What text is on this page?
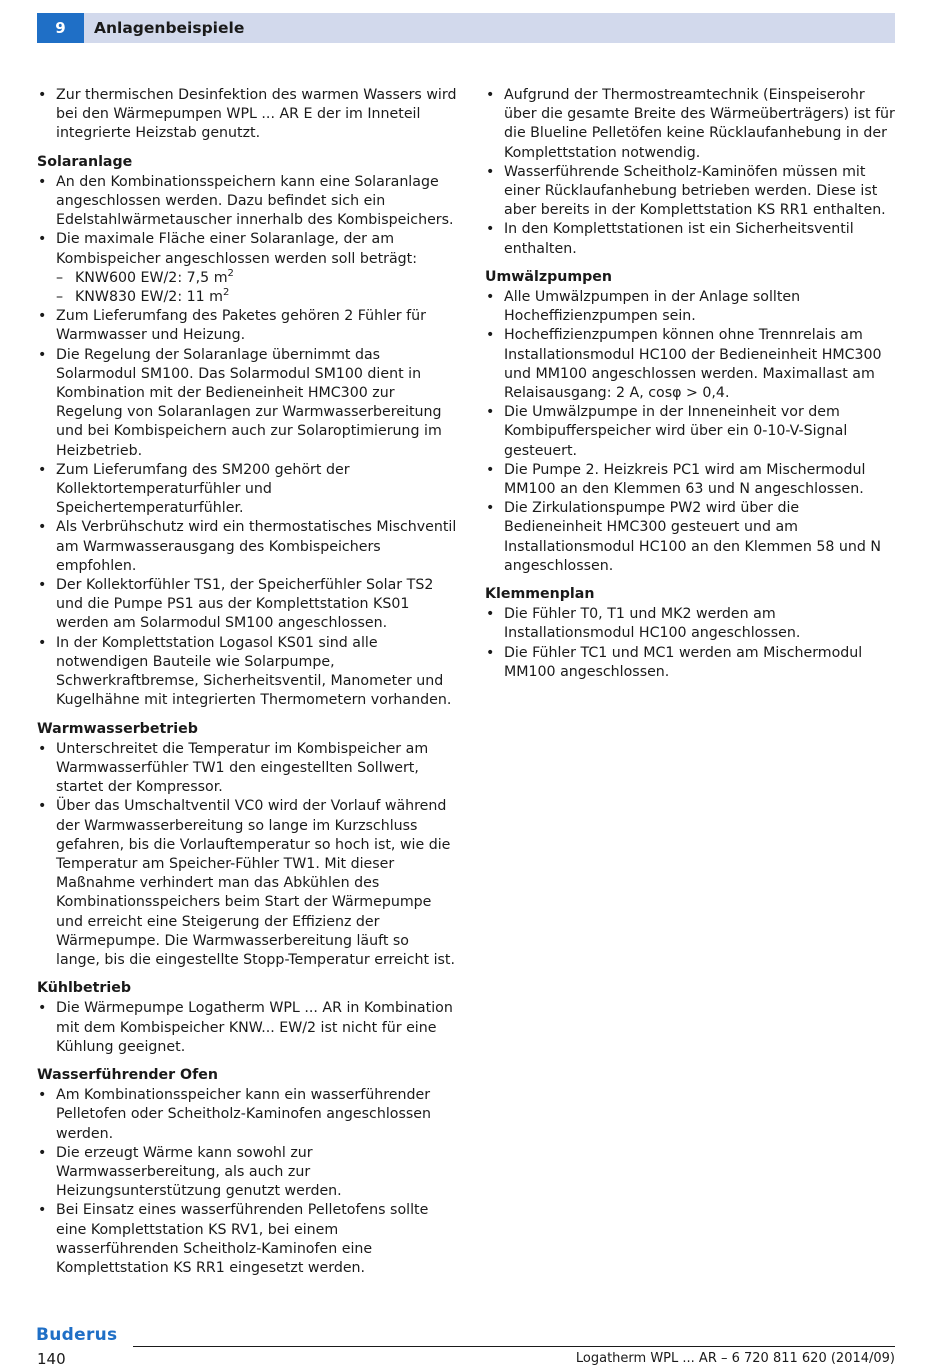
9	Anlagenbeispiele
• Zur thermischen Desinfektion des warmen Wassers wird bei den Wärmepumpen WPL ... AR E der im Inneteil integrierte Heizstab genutzt.
Solaranlage
• An den Kombinationsspeichern kann eine Solaranlage angeschlossen werden. Dazu befindet sich ein Edelstahlwärmetauscher innerhalb des Kombispeichers.
• Die maximale Fläche einer Solaranlage, der am Kombispeicher angeschlossen werden soll beträgt:
– KNW600 EW/2: 7,5 $m^2$
– KNW830 EW/2: 11 $m^2$
• Zum Lieferumfang des Paketes gehören 2 Fühler für Warmwasser und Heizung.
• Die Regelung der Solaranlage übernimmt das Solarmodul SM100. Das Solarmodul SM100 dient in Kombination mit der Bedieneinheit HMC300 zur Regelung von Solaranlagen zur Warmwasserbereitung und bei Kombispeichern auch zur Solaroptimierung im Heizbetrieb.
• Zum Lieferumfang des SM200 gehört der Kollektortemperaturfühler und Speichertemperaturfühler.
• Als Verbrühschutz wird ein thermostatisches Mischventil am Warmwasserausgang des Kombispeichers empfohlen.
• Der Kollektorfühler TS1, der Speicherfühler Solar TS2 und die Pumpe PS1 aus der Komplettstation KS01 werden am Solarmodul SM100 angeschlossen.
• In der Komplettstation Logasol KS01 sind alle notwendigen Bauteile wie Solarpumpe, Schwerkraftbremse, Sicherheitsventil, Manometer und Kugelhähne mit integrierten Thermometern vorhanden.
Warmwasserbetrieb
• Unterschreitet die Temperatur im Kombispeicher am Warmwasserfühler TW1 den eingestellten Sollwert, startet der Kompressor.
• Über das Umschaltventil VC0 wird der Vorlauf während der Warmwasserbereitung so lange im Kurzschluss gefahren, bis die Vorlauftemperatur so hoch ist, wie die Temperatur am Speicher-Fühler TW1. Mit dieser Maßnahme verhindert man das Abkühlen des Kombinationsspeichers beim Start der Wärmepumpe und erreicht eine Steigerung der Effizienz der Wärmepumpe. Die Warmwasserbereitung läuft so lange, bis die eingestellte Stopp-Temperatur erreicht ist.
Kühlbetrieb
• Die Wärmepumpe Logatherm WPL ... AR in Kombination mit dem Kombispeicher KNW... EW/2 ist nicht für eine Kühlung geeignet.
Wasserführender Ofen
• Am Kombinationsspeicher kann ein wasserführender Pelletofen oder Scheitholz-Kaminofen angeschlossen werden.
• Die erzeugt Wärme kann sowohl zur Warmwasserbereitung, als auch zur Heizungsunterstützung genutzt werden.
• Bei Einsatz eines wasserführenden Pelletofens sollte eine Komplettstation KS RV1, bei einem wasserführenden Scheitholz-Kaminofen eine Komplettstation KS RR1 eingesetzt werden.
• Aufgrund der Thermostreamtechnik (Einspeiserohr über die gesamte Breite des Wärmeüberträgers) ist für die Blueline Pelletöfen keine Rücklaufanhebung in der Komplettstation notwendig.
• Wasserführende Scheitholz-Kaminöfen müssen mit einer Rücklaufanhebung betrieben werden. Diese ist aber bereits in der Komplettstation KS RR1 enthalten.
• In den Komplettstationen ist ein Sicherheitsventil enthalten.
Umwälzpumpen
• Alle Umwälzpumpen in der Anlage sollten Hocheffizienzpumpen sein.
• Hocheffizienzpumpen können ohne Trennrelais am Installationsmodul HC100 der Bedieneinheit HMC300 und MM100 angeschlossen werden. Maximallast am Relaisausgang: 2 A, cosφ > 0,4.
• Die Umwälzpumpe in der Inneneinheit vor dem Kombipufferspeicher wird über ein 0-10-V-Signal gesteuert.
• Die Pumpe 2. Heizkreis PC1 wird am Mischermodul MM100 an den Klemmen 63 und N angeschlossen.
• Die Zirkulationspumpe PW2 wird über die Bedieneinheit HMC300 gesteuert und am Installationsmodul HC100 an den Klemmen 58 und N angeschlossen.
Klemmenplan
• Die Fühler T0, T1 und MK2 werden am Installationsmodul HC100 angeschlossen.
• Die Fühler TC1 und MC1 werden am Mischermodul MM100 angeschlossen.
Buderus
140	Logatherm WPL ... AR – 6 720 811 620 (2014/09)
